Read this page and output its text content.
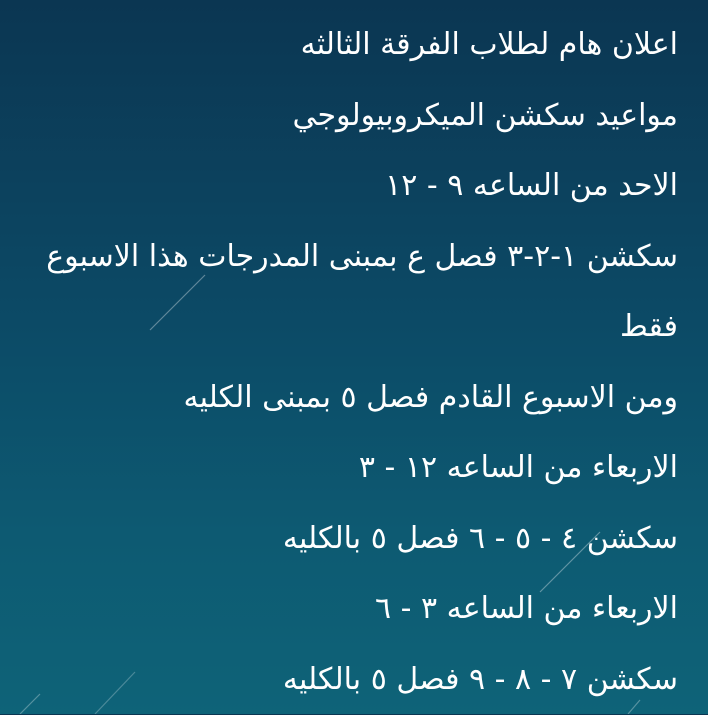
اعلان هام لطلاب الفرقة الثالثه
مواعيد سكشن الميكروبيولوجي
الاحد من الساعه ٩ - ١٢
سكشن ١-٢-٣ فصل ع بمبنى المدرجات هذا الاسبوع
فقط
ومن الاسبوع القادم فصل ٥ بمبنى الكليه
الاربعاء من الساعه ١٢ - ٣
سكشن ٤ - ٥ - ٦ فصل ٥ بالكليه
الاربعاء من الساعه ٣ - ٦
سكشن ٧ - ٨ - ٩ فصل ٥ بالكليه
